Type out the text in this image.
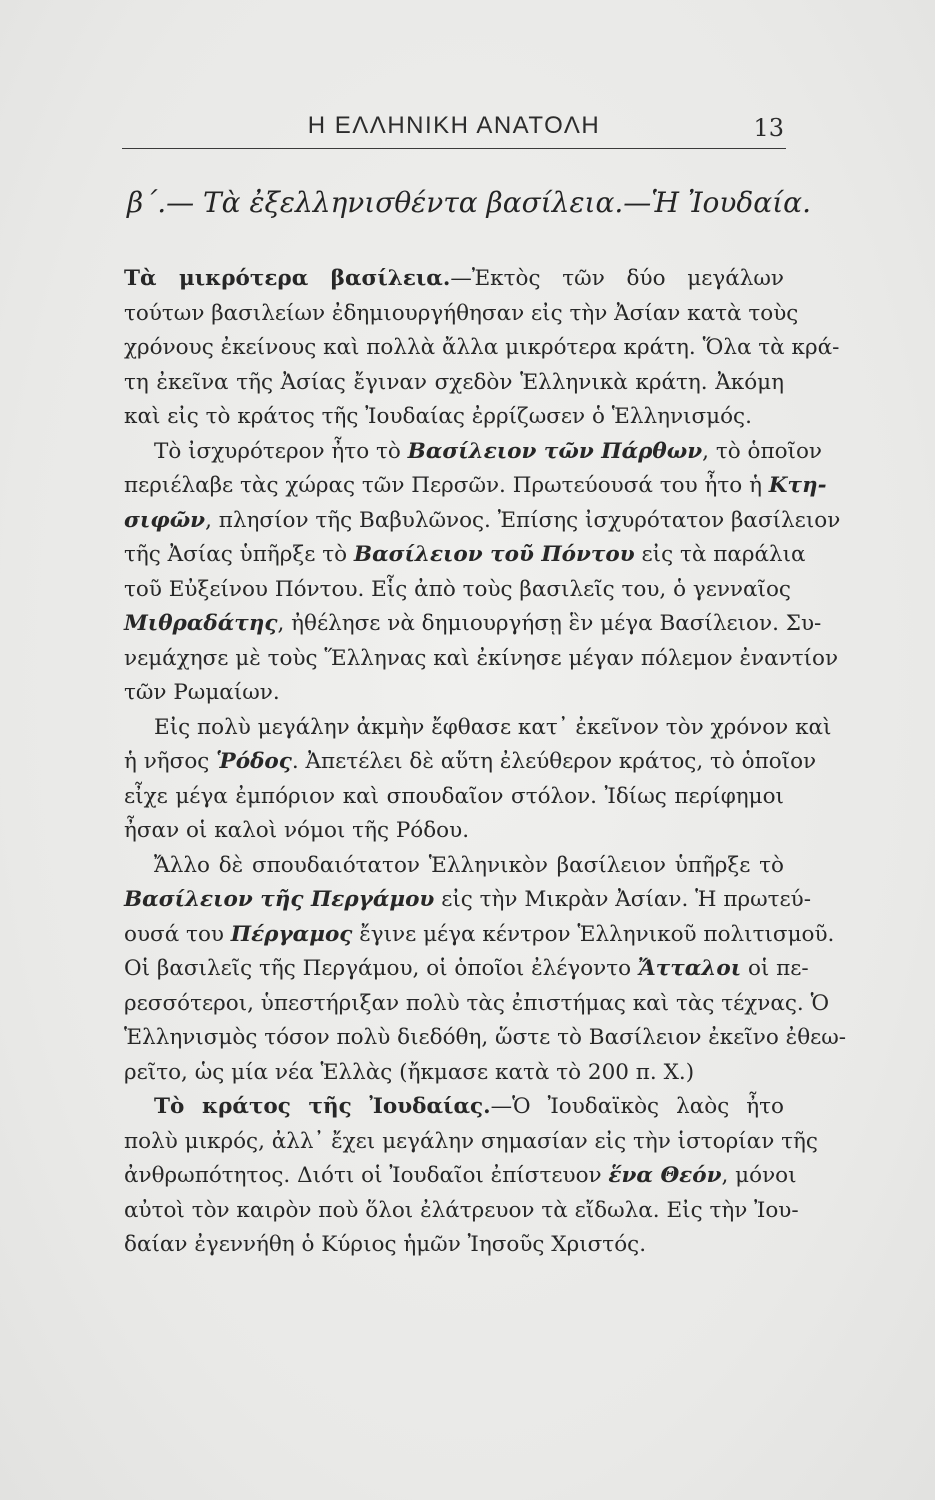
Η ΕΛΛΗΝΙΚΗ ΑΝΑΤΟΛΗ	13
β΄.— Τὰ ἐξελληνισθέντα βασίλεια.—Ἡ Ἰουδαία.
Τὰ μικρότερα βασίλεια.—Ἐκτὸς τῶν δύο μεγάλων
τούτων βασιλείων ἐδημιουργήθησαν εἰς τὴν Ἀσίαν κατὰ τοὺς
χρόνους ἐκείνους καὶ πολλὰ ἄλλα μικρότερα κράτη. Ὅλα τὰ κρά-
τη ἐκεῖνα τῆς Ἀσίας ἔγιναν σχεδὸν Ἑλληνικὰ κράτη. Ἀκόμη
καὶ εἰς τὸ κράτος τῆς Ἰουδαίας ἐρρίζωσεν ὁ Ἑλληνισμός.
Τὸ ἰσχυρότερον ἦτο τὸ Βασίλειον τῶν Πάρθων, τὸ ὁποῖον
περιέλαβε τὰς χώρας τῶν Περσῶν. Πρωτεύουσά του ἦτο ἡ Κτη-
σιφῶν, πλησίον τῆς Βαβυλῶνος. Ἐπίσης ἰσχυρότατον βασίλειον
τῆς Ἀσίας ὑπῆρξε τὸ Βασίλειον τοῦ Πόντου εἰς τὰ παράλια
τοῦ Εὐξείνου Πόντου. Εἷς ἀπὸ τοὺς βασιλεῖς του, ὁ γενναῖος
Μιθραδάτης, ἠθέλησε νὰ δημιουργήσῃ ἓν μέγα Βασίλειον. Συ-
νεμάχησε μὲ τοὺς Ἕλληνας καὶ ἐκίνησε μέγαν πόλεμον ἐναντίον
τῶν Ρωμαίων.
Εἰς πολὺ μεγάλην ἀκμὴν ἔφθασε κατ᾿ ἐκεῖνον τὸν χρόνον καὶ
ἡ νῆσος Ῥόδος. Ἀπετέλει δὲ αὕτη ἐλεύθερον κράτος, τὸ ὁποῖον
εἶχε μέγα ἐμπόριον καὶ σπουδαῖον στόλον. Ἰδίως περίφημοι
ἦσαν οἱ καλοὶ νόμοι τῆς Ρόδου.
Ἄλλο δὲ σπουδαιότατον Ἑλληνικὸν βασίλειον ὑπῆρξε τὸ
Βασίλειον τῆς Περγάμου εἰς τὴν Μικρὰν Ἀσίαν. Ἡ πρωτεύ-
ουσά του Πέργαμος ἔγινε μέγα κέντρον Ἑλληνικοῦ πολιτισμοῦ.
Οἱ βασιλεῖς τῆς Περγάμου, οἱ ὁποῖοι ἐλέγοντο Ἄτταλοι οἱ πε-
ρεσσότεροι, ὑπεστήριξαν πολὺ τὰς ἐπιστήμας καὶ τὰς τέχνας. Ὁ
Ἑλληνισμὸς τόσον πολὺ διεδόθη, ὥστε τὸ Βασίλειον ἐκεῖνο ἐθεω-
ρεῖτο, ὡς μία νέα Ἑλλὰς (ἤκμασε κατὰ τὸ 200 π. Χ.)
Τὸ κράτος τῆς Ἰουδαίας.—Ὁ Ἰουδαϊκὸς λαὸς ἦτο
πολὺ μικρός, ἀλλ᾿ ἔχει μεγάλην σημασίαν εἰς τὴν ἱστορίαν τῆς
ἀνθρωπότητος. Διότι οἱ Ἰουδαῖοι ἐπίστευον ἕνα Θεόν, μόνοι
αὐτοὶ τὸν καιρὸν ποὺ ὅλοι ἐλάτρευον τὰ εἴδωλα. Εἰς τὴν Ἰου-
δαίαν ἐγεννήθη ὁ Κύριος ἡμῶν Ἰησοῦς Χριστός.
